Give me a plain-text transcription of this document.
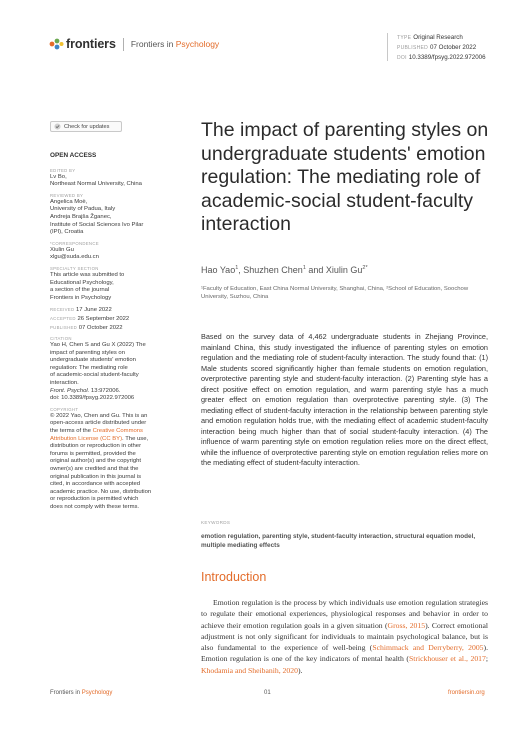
frontiers Frontiers in Psychology
TYPE Original Research
PUBLISHED 07 October 2022
DOI 10.3389/fpsyg.2022.972006
Check for updates
OPEN ACCESS
EDITED BY
Lv Bo,
Northeast Normal University, China
REVIEWED BY
Angelica Moè,
University of Padua, Italy
Andreja Brajša Žganec,
Institute of Social Sciences Ivo Pilar
(IPI), Croatia
*CORRESPONDENCE
Xiulin Gu
xlgu@suda.edu.cn
SPECIALTY SECTION
This article was submitted to
Educational Psychology,
a section of the journal
Frontiers in Psychology
RECEIVED 17 June 2022
ACCEPTED 26 September 2022
PUBLISHED 07 October 2022
CITATION
Yao H, Chen S and Gu X (2022) The
impact of parenting styles on
undergraduate students' emotion
regulation: The mediating role
of academic-social student-faculty
interaction.
Front. Psychol. 13:972006.
doi: 10.3389/fpsyg.2022.972006
COPYRIGHT
© 2022 Yao, Chen and Gu. This is an
open-access article distributed under
the terms of the Creative Commons
Attribution License (CC BY). The use,
distribution or reproduction in other
forums is permitted, provided the
original author(s) and the copyright
owner(s) are credited and that the
original publication in this journal is
cited, in accordance with accepted
academic practice. No use, distribution
or reproduction is permitted which
does not comply with these terms.
The impact of parenting styles on undergraduate students' emotion regulation: The mediating role of academic-social student-faculty interaction
Hao Yao$^1$, Shuzhen Chen$^1$ and Xiulin $Gu^{2*}$
¹Faculty of Education, East China Normal University, Shanghai, China, ²School of Education, Soochow University, Suzhou, China

Based on the survey data of 4,462 undergraduate students in Zhejiang Province, mainland China, this study investigated the influence of parenting styles on emotion regulation and the mediating role of student-faculty interaction. The study found that: (1) Male students scored significantly higher than female students on emotion regulation, overprotective parenting style and student-faculty interaction. (2) Parenting style has a direct positive effect on emotion regulation, and warm parenting style has a much greater effect on emotion regulation than overprotective parenting style. (3) The mediating effect of student-faculty interaction in the relationship between parenting style and emotion regulation holds true, with the mediating effect of academic student-faculty interaction being much higher than that of social student-faculty interaction. (4) The influence of warm parenting style on emotion regulation relies more on the direct effect, while the influence of overprotective parenting style on emotion regulation relies more on the mediating effect of student-faculty interaction.

KEYWORDS
emotion regulation, parenting style, student-faculty interaction, structural equation model, multiple mediating effects
Introduction

Emotion regulation is the process by which individuals use emotion regulation strategies to regulate their emotional experiences, physiological responses and behavior in order to achieve their emotion regulation goals in a given situation (Gross, 2015). Correct emotional adjustment is not only significant for individuals to maintain psychological balance, but is also fundamental to the experience of well-being (Schimmack and Derryberry, 2005). Emotion regulation is one of the key indicators of mental health (Strickhouser et al., 2017; Khodamia and Sheibanih, 2020).

Frontiers in Psychology	01	frontiersin.org
